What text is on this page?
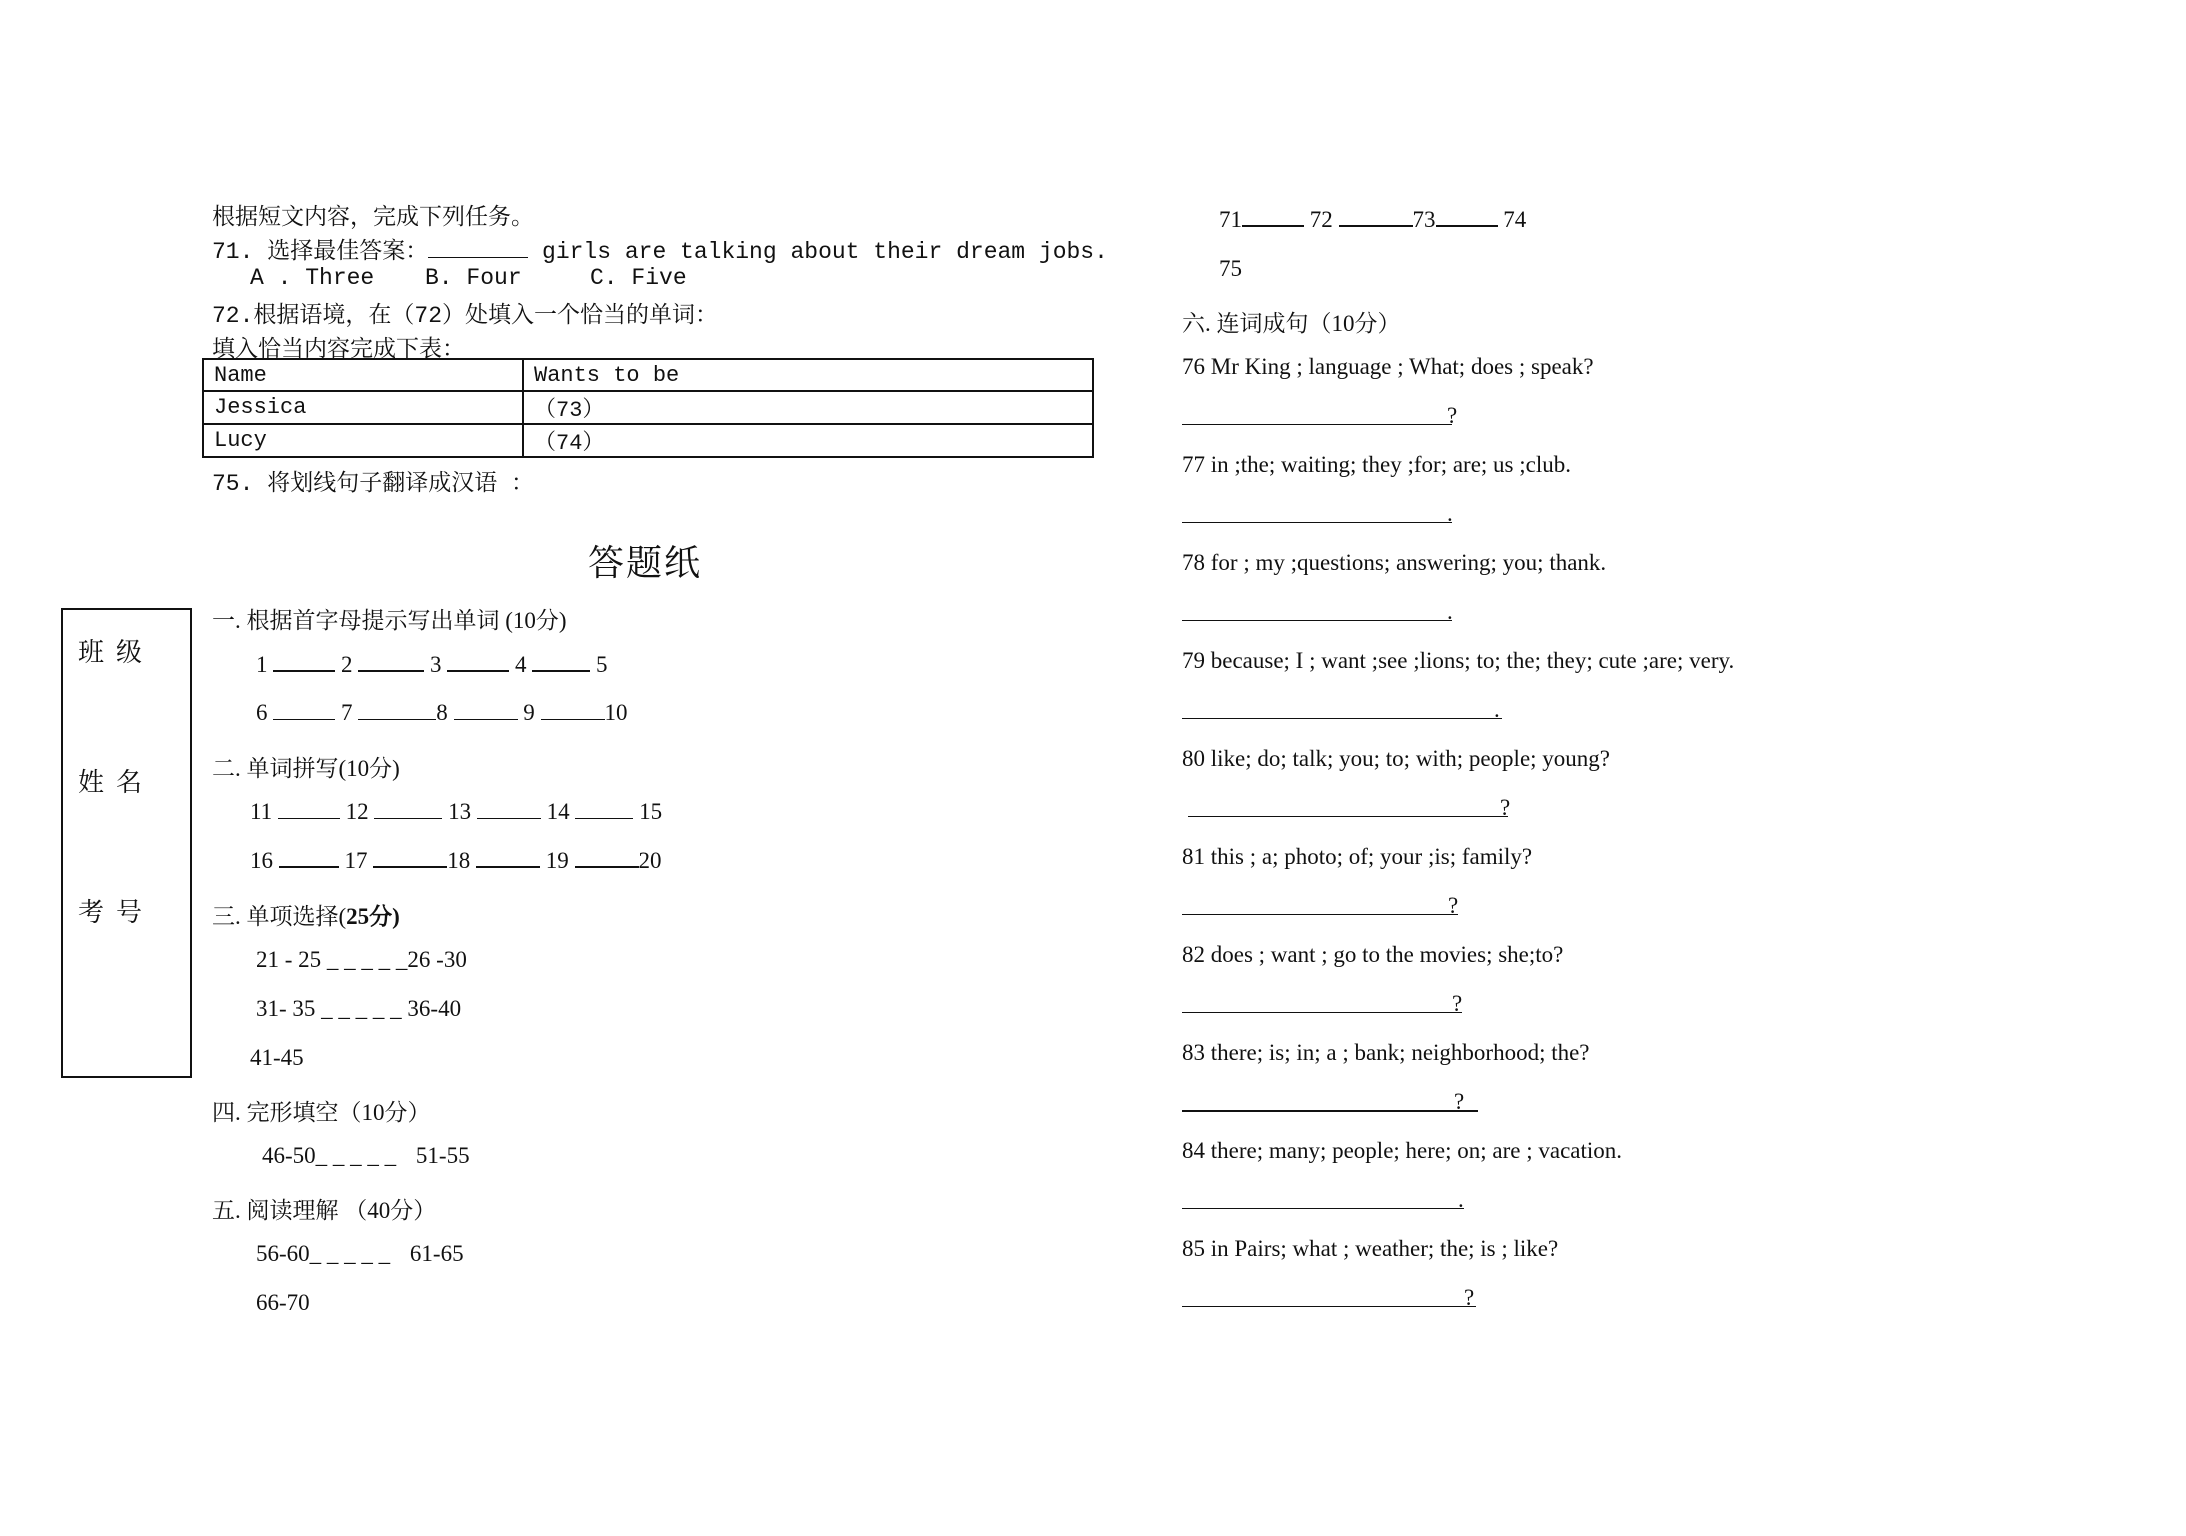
根据短文内容，完成下列任务。
71. 选择最佳答案：	girls are talking about their dream jobs.
A . Three B. Four	C. Five
72.根据语境，在（72）处填入一个恰当的单词：
填入恰当内容完成下表：
Name	Wants to be
Jessica	（73）
Lucy	（74）
75. 将划线句子翻译成汉语 ：
答题纸
班级
姓名
考号
一. 根据首字母提示写出单词 (10分)
1	2	3	4	5
6	7	8	9	10
二. 单词拼写(10分)
11	12	13	14	15
16	17	18	19	20
三. 单项选择(25分)
21 - 25 _ _ _ _ _26 -30
31- 35 _ _ _ _ _ 36-40
41-45
四. 完形填空（10分）
46-50_ _ _ _ _ 51-55
五. 阅读理解 （40分）
56-60_ _ _ _ _ 61-65
66-70
71	72	73	74
75
六. 连词成句（10分）
76 Mr King ; language ; What; does ; speak?
?
77 in ;the; waiting; they ;for; are; us ;club.
.
78 for ; my ;questions; answering; you; thank.
.
79 because; I ; want ;see ;lions; to; the; they; cute ;are; very.
.
80 like; do; talk; you; to; with; people; young?
?
81 this ; a; photo; of; your ;is; family?
?
82 does ; want ; go to the movies; she;to?
?
83 there; is; in; a ; bank; neighborhood; the?
?
84 there; many; people; here; on; are ; vacation.
.
85 in Pairs; what ; weather; the; is ; like?
?
